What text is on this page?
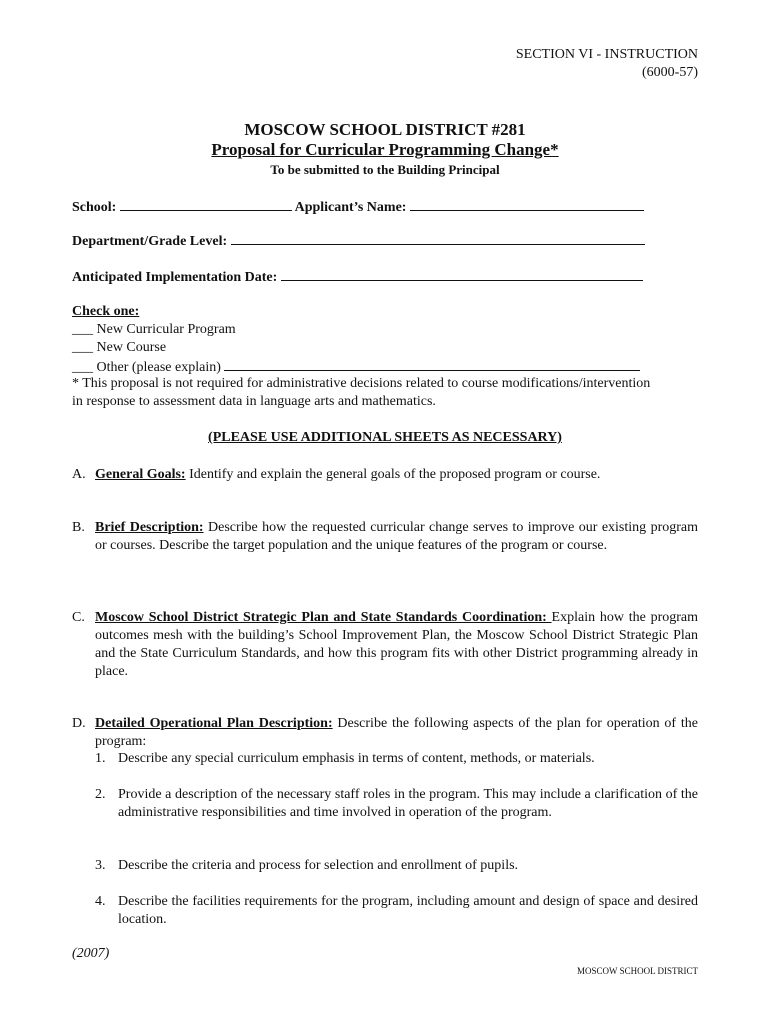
SECTION VI - INSTRUCTION
(6000-57)
MOSCOW SCHOOL DISTRICT #281
Proposal for Curricular Programming Change*
To be submitted to the Building Principal
School:	Applicant’s Name:
Department/Grade Level:
Anticipated Implementation Date:
Check one:
___ New Curricular Program
___ New Course
___ Other (please explain)
* This proposal is not required for administrative decisions related to course modifications/intervention
in response to assessment data in language arts and mathematics.
(PLEASE USE ADDITIONAL SHEETS AS NECESSARY)
A. General Goals: Identify and explain the general goals of the proposed program or course.
B. Brief Description: Describe how the requested curricular change serves to improve our existing program or courses. Describe the target population and the unique features of the program or course.
C. Moscow School District Strategic Plan and State Standards Coordination: Explain how the program outcomes mesh with the building’s School Improvement Plan, the Moscow School District Strategic Plan and the State Curriculum Standards, and how this program fits with other District programming already in place.
D. Detailed Operational Plan Description: Describe the following aspects of the plan for operation of the program:
1. Describe any special curriculum emphasis in terms of content, methods, or materials.
2. Provide a description of the necessary staff roles in the program. This may include a clarification of the administrative responsibilities and time involved in operation of the program.
3. Describe the criteria and process for selection and enrollment of pupils.
4. Describe the facilities requirements for the program, including amount and design of space and desired location.
(2007)
MOSCOW SCHOOL DISTRICT
